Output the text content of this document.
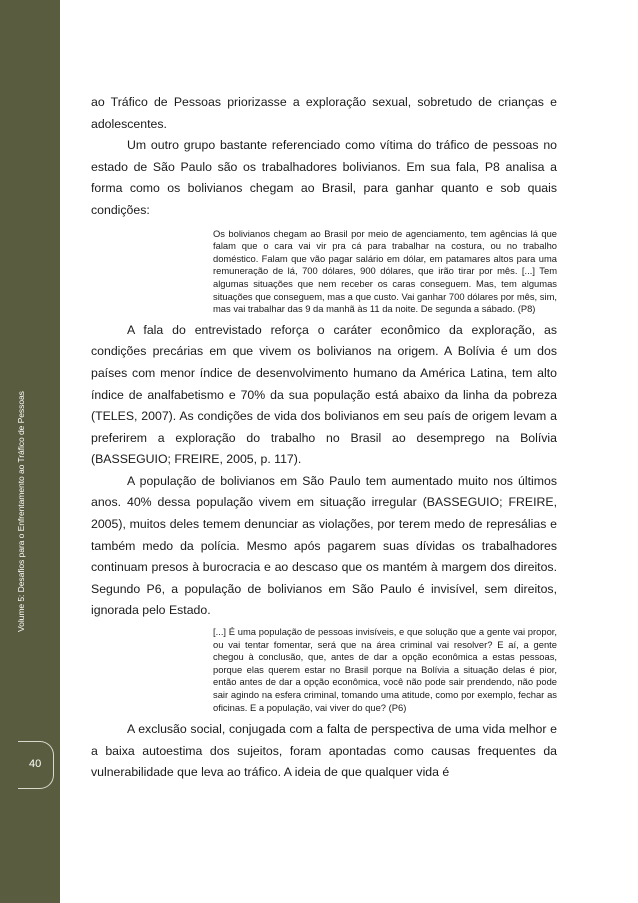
Volume 5: Desafios para o Enfrentamento ao Tráfico de Pessoas
40

ao Tráfico de Pessoas priorizasse a exploração sexual, sobretudo de crianças e adolescentes.

Um outro grupo bastante referenciado como vítima do tráfico de pessoas no estado de São Paulo são os trabalhadores bolivianos. Em sua fala, P8 analisa a forma como os bolivianos chegam ao Brasil, para ganhar quanto e sob quais condições:

Os bolivianos chegam ao Brasil por meio de agenciamento, tem agências lá que falam que o cara vai vir pra cá para trabalhar na costura, ou no trabalho doméstico. Falam que vão pagar salário em dólar, em patamares altos para uma remuneração de lá, 700 dólares, 900 dólares, que irão tirar por mês. [...] Tem algumas situações que nem receber os caras conseguem. Mas, tem algumas situações que conseguem, mas a que custo. Vai ganhar 700 dólares por mês, sim, mas vai trabalhar das 9 da manhã às 11 da noite. De segunda a sábado. (P8)

A fala do entrevistado reforça o caráter econômico da exploração, as condições precárias em que vivem os bolivianos na origem. A Bolívia é um dos países com menor índice de desenvolvimento humano da América Latina, tem alto índice de analfabetismo e 70% da sua população está abaixo da linha da pobreza (TELES, 2007). As condições de vida dos bolivianos em seu país de origem levam a preferirem a exploração do trabalho no Brasil ao desemprego na Bolívia (BASSEGUIO; FREIRE, 2005, p. 117).

A população de bolivianos em São Paulo tem aumentado muito nos últimos anos. 40% dessa população vivem em situação irregular (BASSEGUIO; FREIRE, 2005), muitos deles temem denunciar as violações, por terem medo de represálias e também medo da polícia. Mesmo após pagarem suas dívidas os trabalhadores continuam presos à burocracia e ao descaso que os mantém à margem dos direitos. Segundo P6, a população de bolivianos em São Paulo é invisível, sem direitos, ignorada pelo Estado.

[...] É uma população de pessoas invisíveis, e que solução que a gente vai propor, ou vai tentar fomentar, será que na área criminal vai resolver? E aí, a gente chegou à conclusão, que, antes de dar a opção econômica a estas pessoas, porque elas querem estar no Brasil porque na Bolívia a situação delas é pior, então antes de dar a opção econômica, você não pode sair prendendo, não pode sair agindo na esfera criminal, tomando uma atitude, como por exemplo, fechar as oficinas. E a população, vai viver do que? (P6)

A exclusão social, conjugada com a falta de perspectiva de uma vida melhor e a baixa autoestima dos sujeitos, foram apontadas como causas frequentes da vulnerabilidade que leva ao tráfico. A ideia de que qualquer vida é
